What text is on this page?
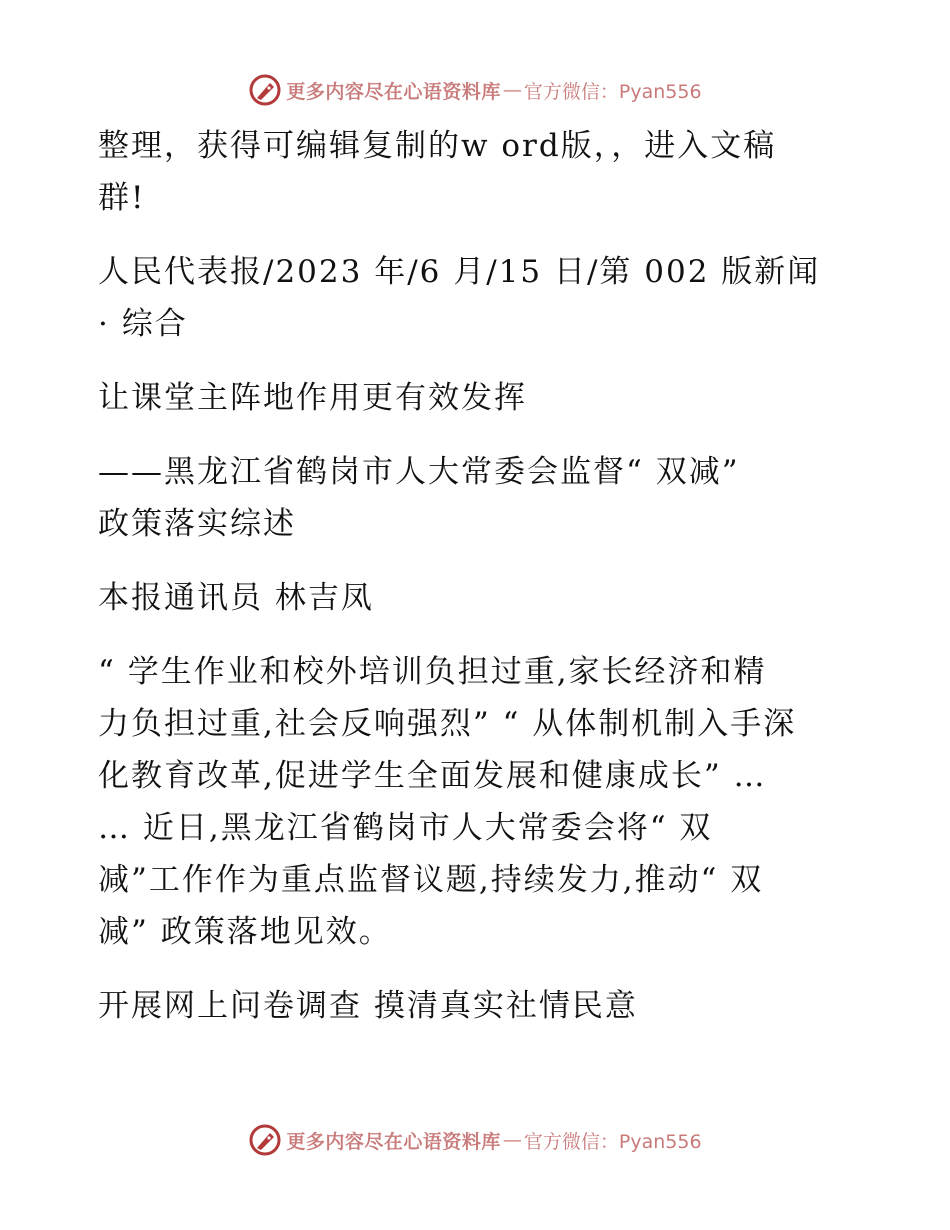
更多内容尽在心语资料库 — 官方微信：Pyan556

整理，获得可编辑复制的w ord版，，进入文稿

群!

人民代表报/2023 年/6 月/15 日/第 002 版新闻

· 综合

让课堂主阵地作用更有效发挥

——黑龙江省鹤岗市人大常委会监督“ 双减”

政策落实综述

本报通讯员 林吉凤

“ 学生作业和校外培训负担过重,家长经济和精

力负担过重,社会反响强烈” “ 从体制机制入手深

化教育改革,促进学生全面发展和健康成长” …

… 近日,黑龙江省鹤岗市人大常委会将“ 双

减”工作作为重点监督议题,持续发力,推动“ 双

减” 政策落地见效。

开展网上问卷调查 摸清真实社情民意

更多内容尽在心语资料库 — 官方微信：Pyan556
